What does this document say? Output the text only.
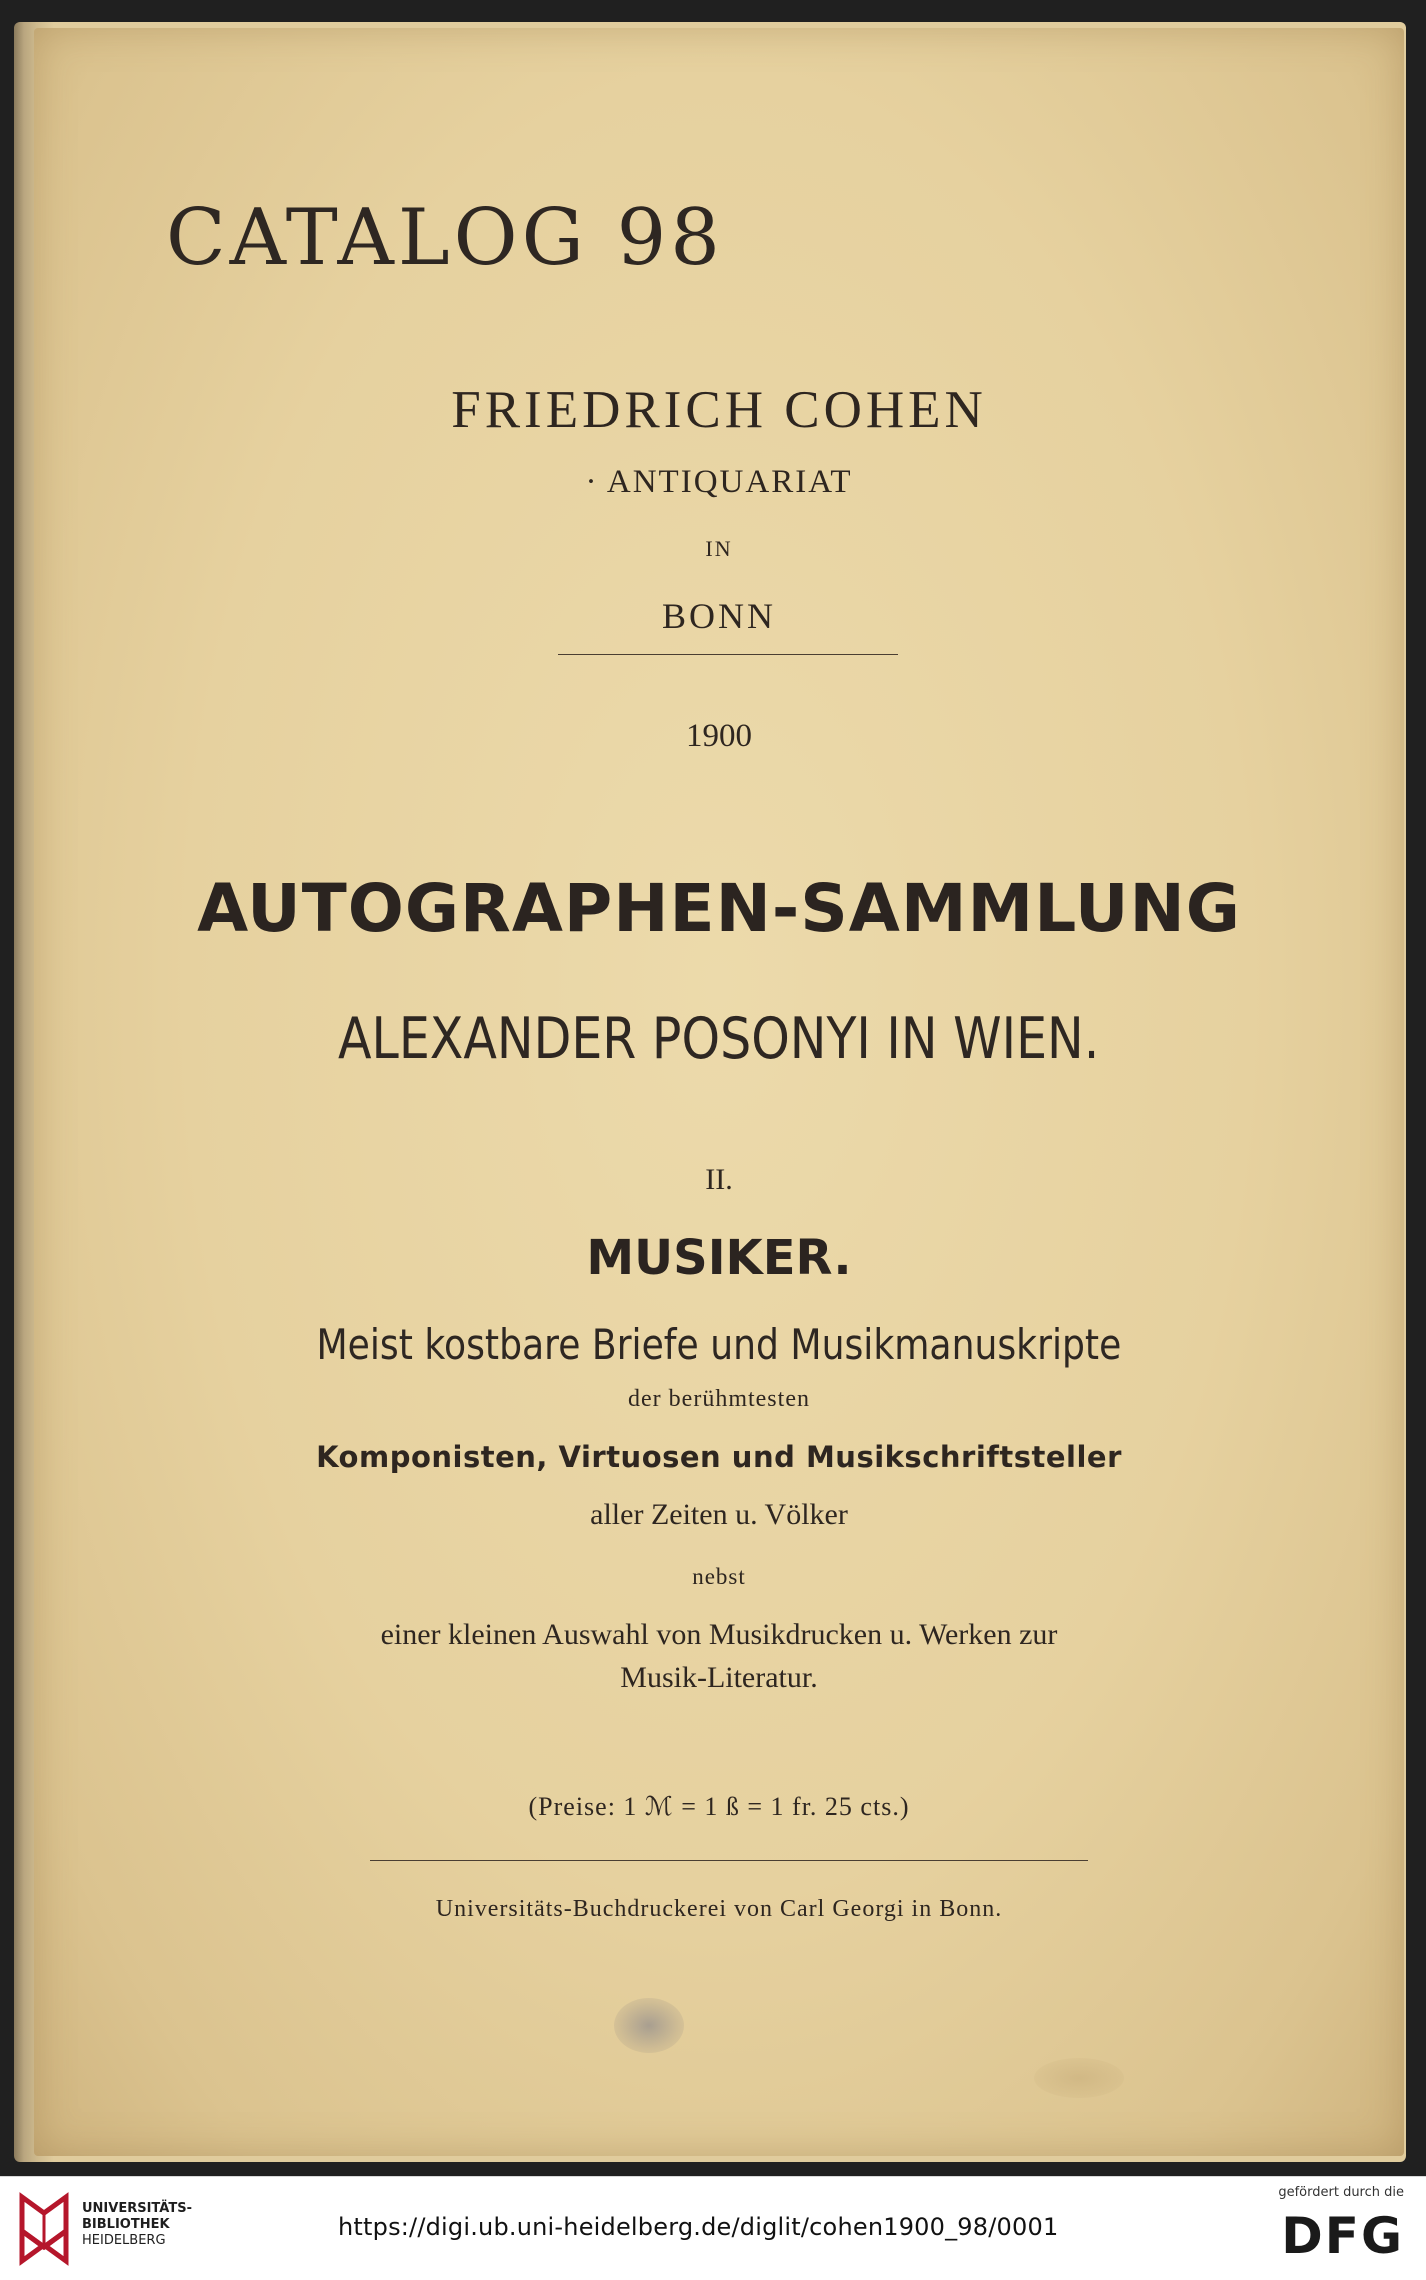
CATALOG 98
FRIEDRICH COHEN
· ANTIQUARIAT
IN
BONN
1900
AUTOGRAPHEN-SAMMLUNG
ALEXANDER POSONYI IN WIEN.
II.
MUSIKER.
Meist kostbare Briefe und Musikmanuskripte
der berühmtesten
Komponisten, Virtuosen und Musikschriftsteller
aller Zeiten u. Völker
nebst
einer kleinen Auswahl von Musikdrucken u. Werken zur
Musik-Literatur.
(Preise: 1 ℳ = 1 ß = 1 fr. 25 cts.)
Universitäts-Buchdruckerei von Carl Georgi in Bonn.
UNIVERSITÄTS-
BIBLIOTHEK
HEIDELBERG	https://digi.ub.uni-heidelberg.de/diglit/cohen1900_98/0001
gefördert durch die
DFG
